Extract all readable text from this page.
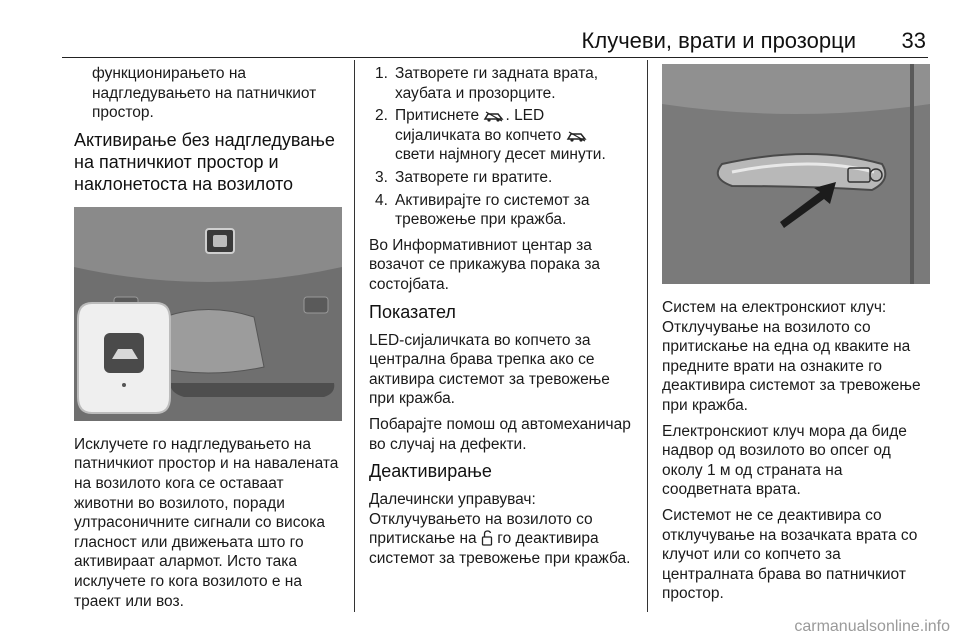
Клучеви, врати и прозорци 33

функционирањето на надгледувањето на патничкиот простор.

Активирање без надгледување на патничкиот простор и наклонетоста на возилото

Исклучете го надгледувањето на патничкиот простор и на навалената на возилото кога се оставаат животни во возилото, поради ултрасоничните сигнали со висока гласност или движењата што го активираат алармот. Исто така исклучете го кога возилото е на траект или воз.

1. Затворете ги задната врата, хаубата и прозорците.
2. Притиснете . LED сијаличката во копчето  свети најмногу десет минути.
3. Затворете ги вратите.
4. Активирајте го системот за тревожење при кражба.

Во Информативниот центар за возачот се прикажува порака за состојбата.

Показател

LED-сијаличката во копчето за централна брава трепка ако се активира системот за тревожење при кражба.

Побарајте помош од автомеханичар во случај на дефекти.

Деактивирање

Далечински управувач:

Отклучувањето на возилото со притискање на го деактивира системот за тревожење при кражба.

Систем на електронскиот клуч: Отклучување на возилото со притискање на една од кваките на предните врати на ознаките го деактивира системот за тревожење при кражба.

Електронскиот клуч мора да биде надвор од возилото во опсег од околу 1 м од страната на соодветната врата.

Системот не се деактивира со отклучување на возачката врата со клучот или со копчето за централната брава во патничкиот простор.

carmanualsonline.info
